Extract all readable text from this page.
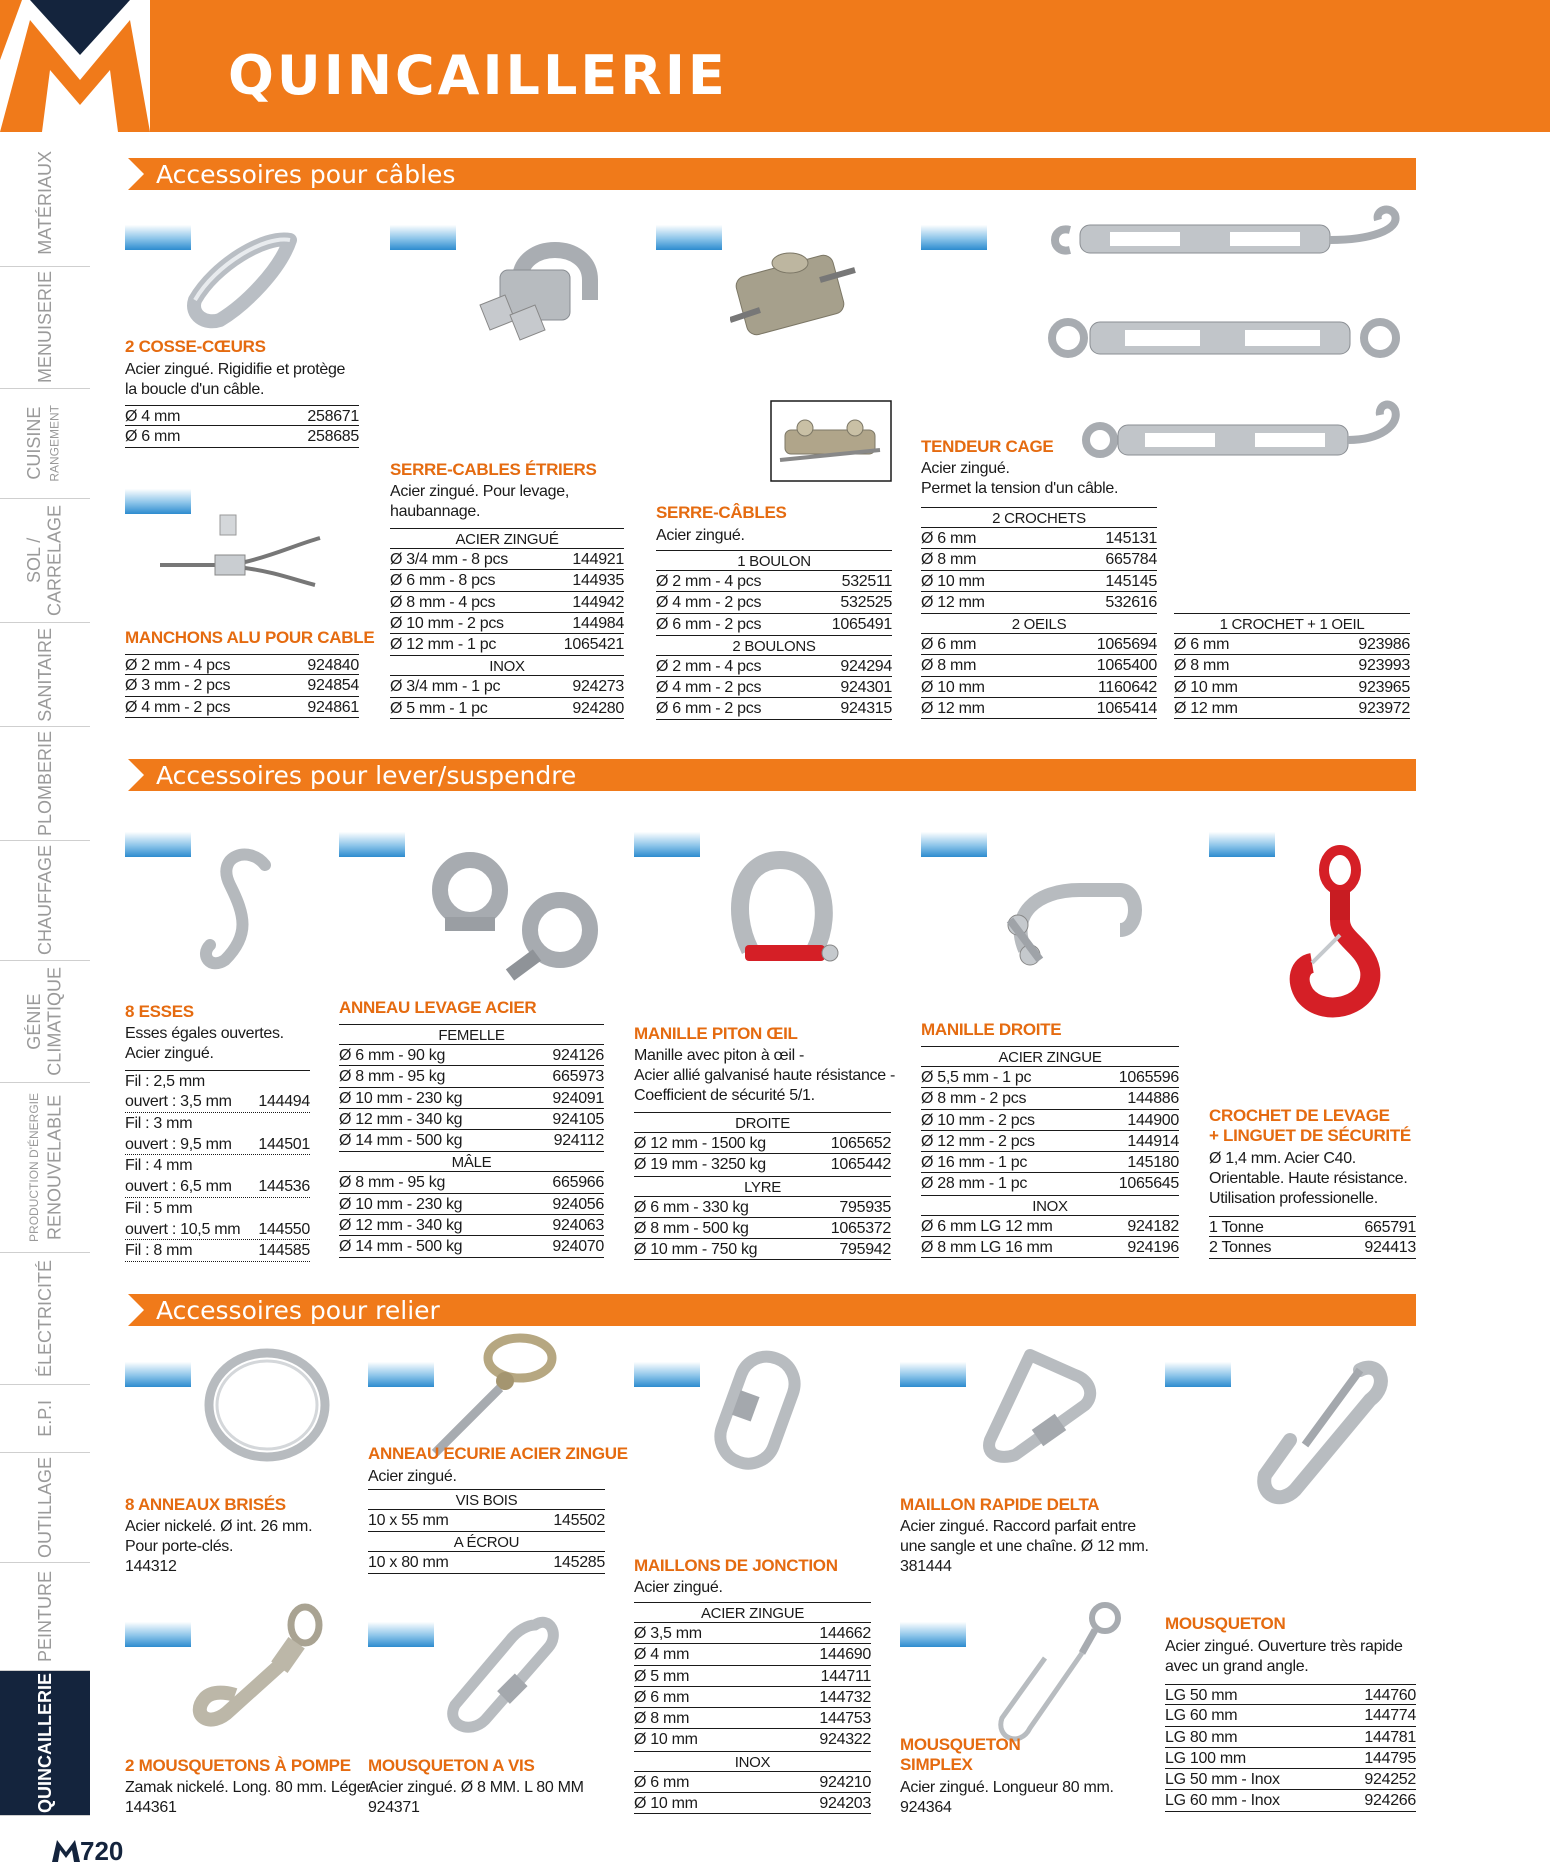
QUINCAILLERIE
MATÉRIAUX
MENUISERIE
CUISINE RANGEMENT
SOL /
CARRELAGE
SANITAIRE
PLOMBERIE
CHAUFFAGE
GÉNIE
CLIMATIQUE
PRODUCTION D'ÉNERGIE RENOUVELABLE
ÉLECTRICITÉ
E.P.I
OUTILLAGE
PEINTURE
QUINCAILLERIE
Accessoires pour câbles
2 COSSE-CŒURS
Acier zingué. Rigidifie et protège
la boucle d'un câble.
Ø 4 mm	258671
Ø 6 mm	258685
MANCHONS ALU POUR CABLE
Ø 2 mm - 4 pcs	924840
Ø 3 mm - 2 pcs	924854
Ø 4 mm - 2 pcs	924861
SERRE-CABLES ÉTRIERS
Acier zingué. Pour levage,
haubannage.
ACIER ZINGUÉ
Ø 3/4 mm - 8 pcs	144921
Ø 6 mm - 8 pcs	144935
Ø 8 mm - 4 pcs	144942
Ø 10 mm - 2 pcs	144984
Ø 12 mm - 1 pc	1065421
INOX
Ø 3/4 mm - 1 pc	924273
Ø 5 mm - 1 pc	924280
SERRE-CÂBLES
Acier zingué.
1 BOULON
Ø 2 mm - 4 pcs	532511
Ø 4 mm - 2 pcs	532525
Ø 6 mm - 2 pcs	1065491
2 BOULONS
Ø 2 mm - 4 pcs	924294
Ø 4 mm - 2 pcs	924301
Ø 6 mm - 2 pcs	924315
TENDEUR CAGE
Acier zingué.
Permet la tension d'un câble.
2 CROCHETS
Ø 6 mm	145131
Ø 8 mm	665784
Ø 10 mm	145145
Ø 12 mm	532616
2 OEILS
Ø 6 mm	1065694
Ø 8 mm	1065400
Ø 10 mm	1160642
Ø 12 mm	1065414
1 CROCHET + 1 OEIL
Ø 6 mm	923986
Ø 8 mm	923993
Ø 10 mm	923965
Ø 12 mm	923972
Accessoires pour lever/suspendre
8 ESSES
Esses égales ouvertes.
Acier zingué.
Fil : 2,5 mm
ouvert : 3,5 mm 144494
Fil : 3 mm
ouvert : 9,5 mm 144501
Fil : 4 mm
ouvert : 6,5 mm 144536
Fil : 5 mm
ouvert : 10,5 mm 144550
Fil : 8 mm	144585
ANNEAU LEVAGE ACIER
FEMELLE
Ø 6 mm - 90 kg	924126
Ø 8 mm - 95 kg	665973
Ø 10 mm - 230 kg	924091
Ø 12 mm - 340 kg	924105
Ø 14 mm - 500 kg	924112
MÂLE
Ø 8 mm - 95 kg	665966
Ø 10 mm - 230 kg	924056
Ø 12 mm - 340 kg	924063
Ø 14 mm - 500 kg	924070
MANILLE PITON ŒIL
Manille avec piton à œil -
Acier allié galvanisé haute résistance -
Coefficient de sécurité 5/1.
DROITE
Ø 12 mm - 1500 kg	1065652
Ø 19 mm - 3250 kg	1065442
LYRE
Ø 6 mm - 330 kg	795935
Ø 8 mm - 500 kg	1065372
Ø 10 mm - 750 kg	795942
MANILLE DROITE
ACIER ZINGUE
Ø 5,5 mm - 1 pc	1065596
Ø 8 mm - 2 pcs	144886
Ø 10 mm - 2 pcs	144900
Ø 12 mm - 2 pcs	144914
Ø 16 mm - 1 pc	145180
Ø 28 mm - 1 pc	1065645
INOX
Ø 6 mm LG 12 mm	924182
Ø 8 mm LG 16 mm	924196
CROCHET DE LEVAGE
+ LINGUET DE SÉCURITÉ
Ø 1,4 mm. Acier C40.
Orientable. Haute résistance.
Utilisation professionelle.
1 Tonne	665791
2 Tonnes	924413
Accessoires pour relier
8 ANNEAUX BRISÉS
Acier nickelé. Ø int. 26 mm.
Pour porte-clés.
144312
ANNEAU ECURIE ACIER ZINGUE
Acier zingué.
VIS BOIS
10 x 55 mm	145502
A ÉCROU
10 x 80 mm	145285 MAILLONS DE JONCTION
Acier zingué.
ACIER ZINGUE
Ø 3,5 mm	144662
Ø 4 mm	144690
Ø 5 mm	144711
Ø 6 mm	144732
Ø 8 mm	144753
Ø 10 mm	924322
INOX
Ø 6 mm	924210
Ø 10 mm	924203
MAILLON RAPIDE DELTA
Acier zingué. Raccord parfait entre
une sangle et une chaîne. Ø 12 mm.
381444
MOUSQUETON
Acier zingué. Ouverture très rapide
avec un grand angle.
LG 50 mm	144760
LG 60 mm	144774
LG 80 mm	144781
LG 100 mm	144795
LG 50 mm - Inox	924252
LG 60 mm - Inox	924266
2 MOUSQUETONS À POMPE
Zamak nickelé. Long. 80 mm. Léger.
144361
MOUSQUETON A VIS
Acier zingué. Ø 8 MM. L 80 MM
924371
MOUSQUETON
SIMPLEX
Acier zingué. Longueur 80 mm.
924364
720
